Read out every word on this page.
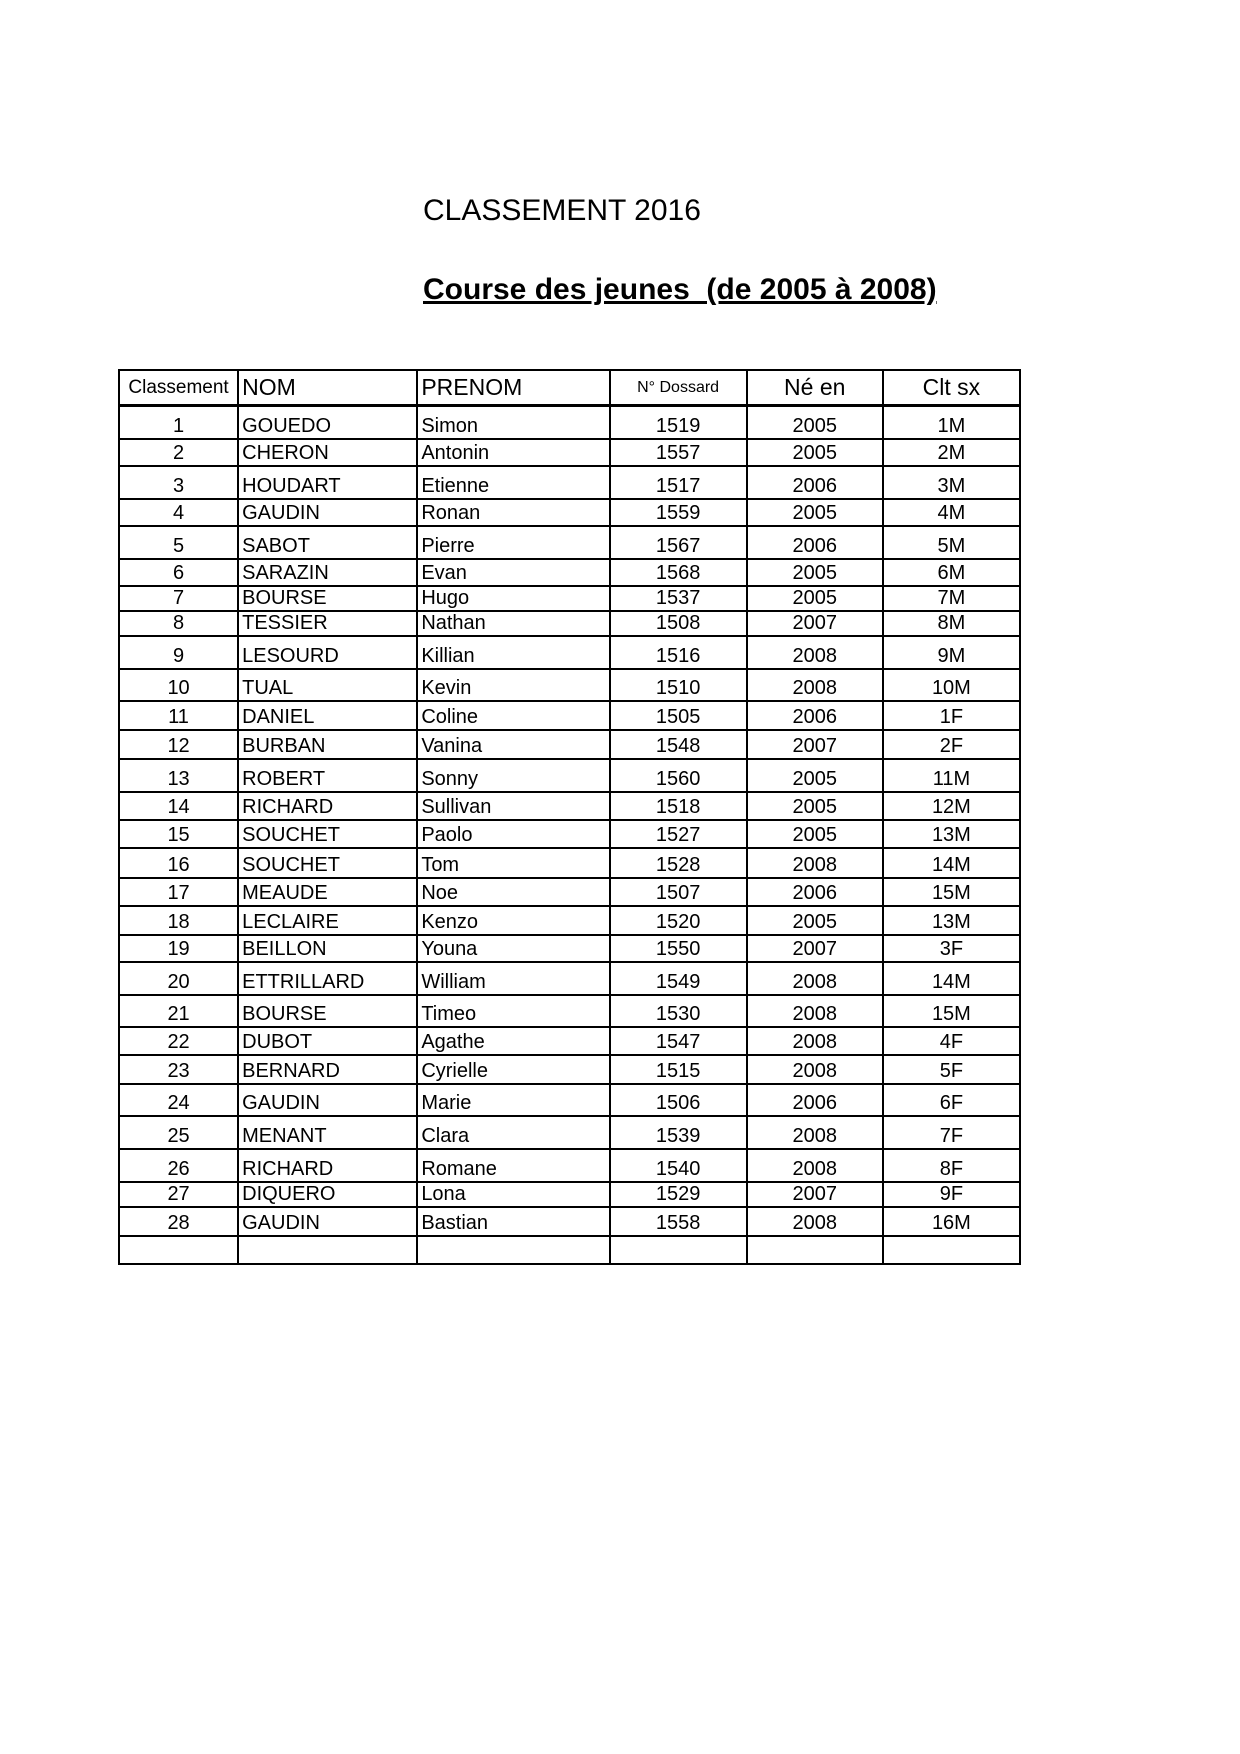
CLASSEMENT 2016
Course des jeunes  (de 2005 à 2008)
Classement	NOM	PRENOM	N° Dossard	Né en	Clt sx
1	GOUEDO	Simon	1519	2005	1M
2	CHERON	Antonin	1557	2005	2M
3	HOUDART	Etienne	1517	2006	3M
4	GAUDIN	Ronan	1559	2005	4M
5	SABOT	Pierre	1567	2006	5M
6	SARAZIN	Evan	1568	2005	6M
7	BOURSE	Hugo	1537	2005	7M
8	TESSIER	Nathan	1508	2007	8M
9	LESOURD	Killian	1516	2008	9M
10	TUAL	Kevin	1510	2008	10M
11	DANIEL	Coline	1505	2006	1F
12	BURBAN	Vanina	1548	2007	2F
13	ROBERT	Sonny	1560	2005	11M
14	RICHARD	Sullivan	1518	2005	12M
15	SOUCHET	Paolo	1527	2005	13M
16	SOUCHET	Tom	1528	2008	14M
17	MEAUDE	Noe	1507	2006	15M
18	LECLAIRE	Kenzo	1520	2005	13M
19	BEILLON	Youna	1550	2007	3F
20	ETTRILLARD	William	1549	2008	14M
21	BOURSE	Timeo	1530	2008	15M
22	DUBOT	Agathe	1547	2008	4F
23	BERNARD	Cyrielle	1515	2008	5F
24	GAUDIN	Marie	1506	2006	6F
25	MENANT	Clara	1539	2008	7F
26	RICHARD	Romane	1540	2008	8F
27	DIQUERO	Lona	1529	2007	9F
28	GAUDIN	Bastian	1558	2008	16M
